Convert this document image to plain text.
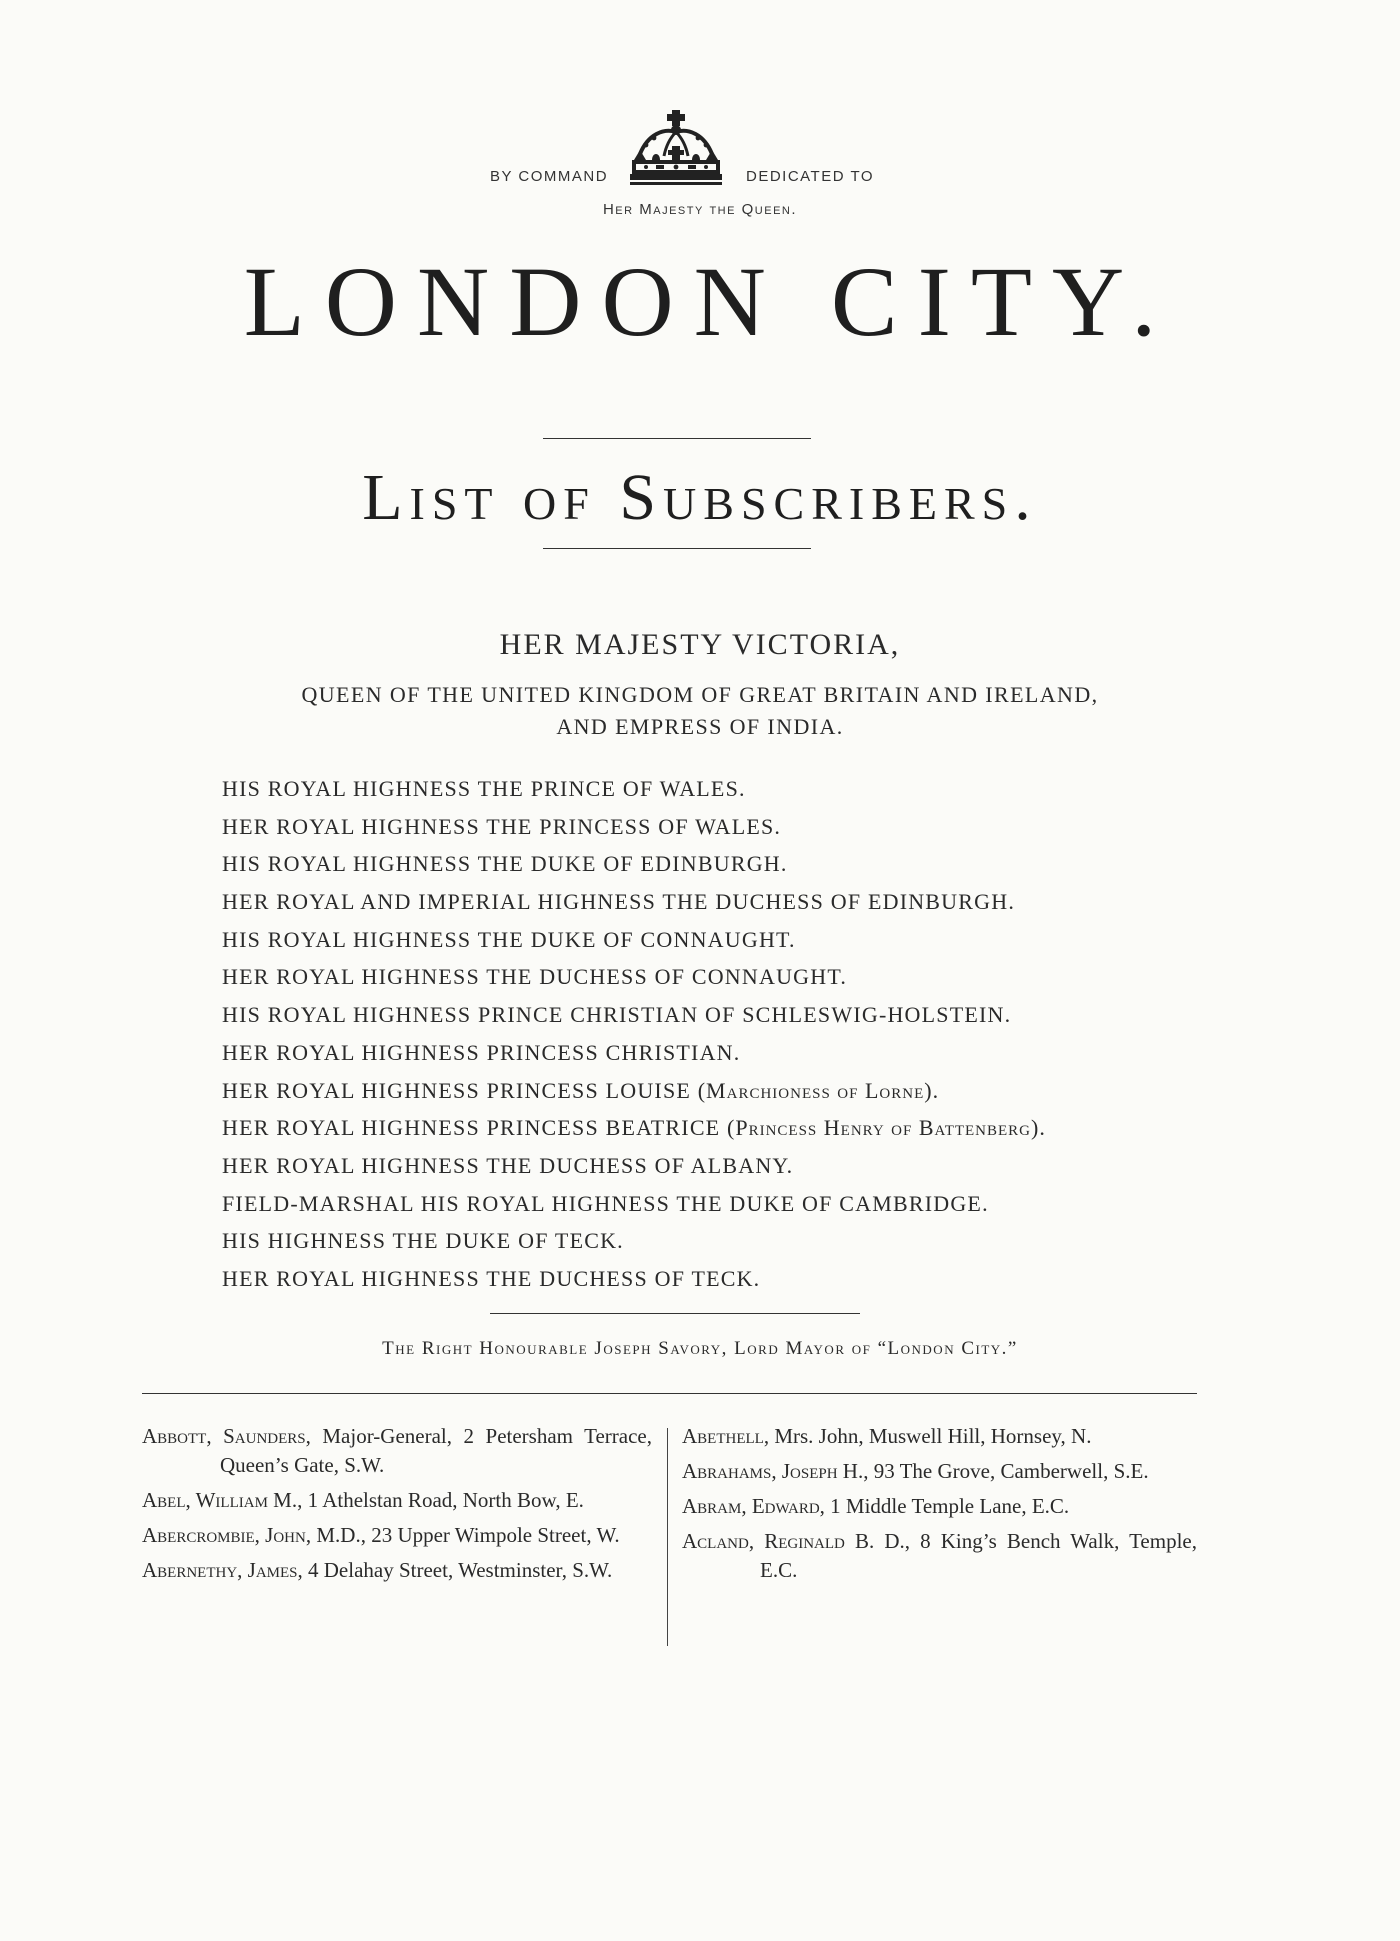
BY COMMAND	DEDICATED TO
Her Majesty the Queen.
LONDON CITY.
List of Subscribers.
HER MAJESTY VICTORIA,
QUEEN OF THE UNITED KINGDOM OF GREAT BRITAIN AND IRELAND,
AND EMPRESS OF INDIA.
HIS ROYAL HIGHNESS THE PRINCE OF WALES.
HER ROYAL HIGHNESS THE PRINCESS OF WALES.
HIS ROYAL HIGHNESS THE DUKE OF EDINBURGH.
HER ROYAL AND IMPERIAL HIGHNESS THE DUCHESS OF EDINBURGH.
HIS ROYAL HIGHNESS THE DUKE OF CONNAUGHT.
HER ROYAL HIGHNESS THE DUCHESS OF CONNAUGHT.
HIS ROYAL HIGHNESS PRINCE CHRISTIAN OF SCHLESWIG-HOLSTEIN.
HER ROYAL HIGHNESS PRINCESS CHRISTIAN.
HER ROYAL HIGHNESS PRINCESS LOUISE (Marchioness of Lorne).
HER ROYAL HIGHNESS PRINCESS BEATRICE (Princess Henry of Battenberg).
HER ROYAL HIGHNESS THE DUCHESS OF ALBANY.
FIELD-MARSHAL HIS ROYAL HIGHNESS THE DUKE OF CAMBRIDGE.
HIS HIGHNESS THE DUKE OF TECK.
HER ROYAL HIGHNESS THE DUCHESS OF TECK.
The Right Honourable Joseph Savory, Lord Mayor of “London City.”
Abbott, Saunders, Major-General, 2 Petersham Terrace, Queen’s Gate, S.W.
Abel, William M., 1 Athelstan Road, North Bow, E.
Abercrombie, John, M.D., 23 Upper Wimpole Street, W.
Abernethy, James, 4 Delahay Street, Westminster, S.W.
Abethell, Mrs. John, Muswell Hill, Hornsey, N.
Abrahams, Joseph H., 93 The Grove, Camberwell, S.E.
Abram, Edward, 1 Middle Temple Lane, E.C.
Acland, Reginald B. D., 8 King’s Bench Walk, Temple, E.C.
